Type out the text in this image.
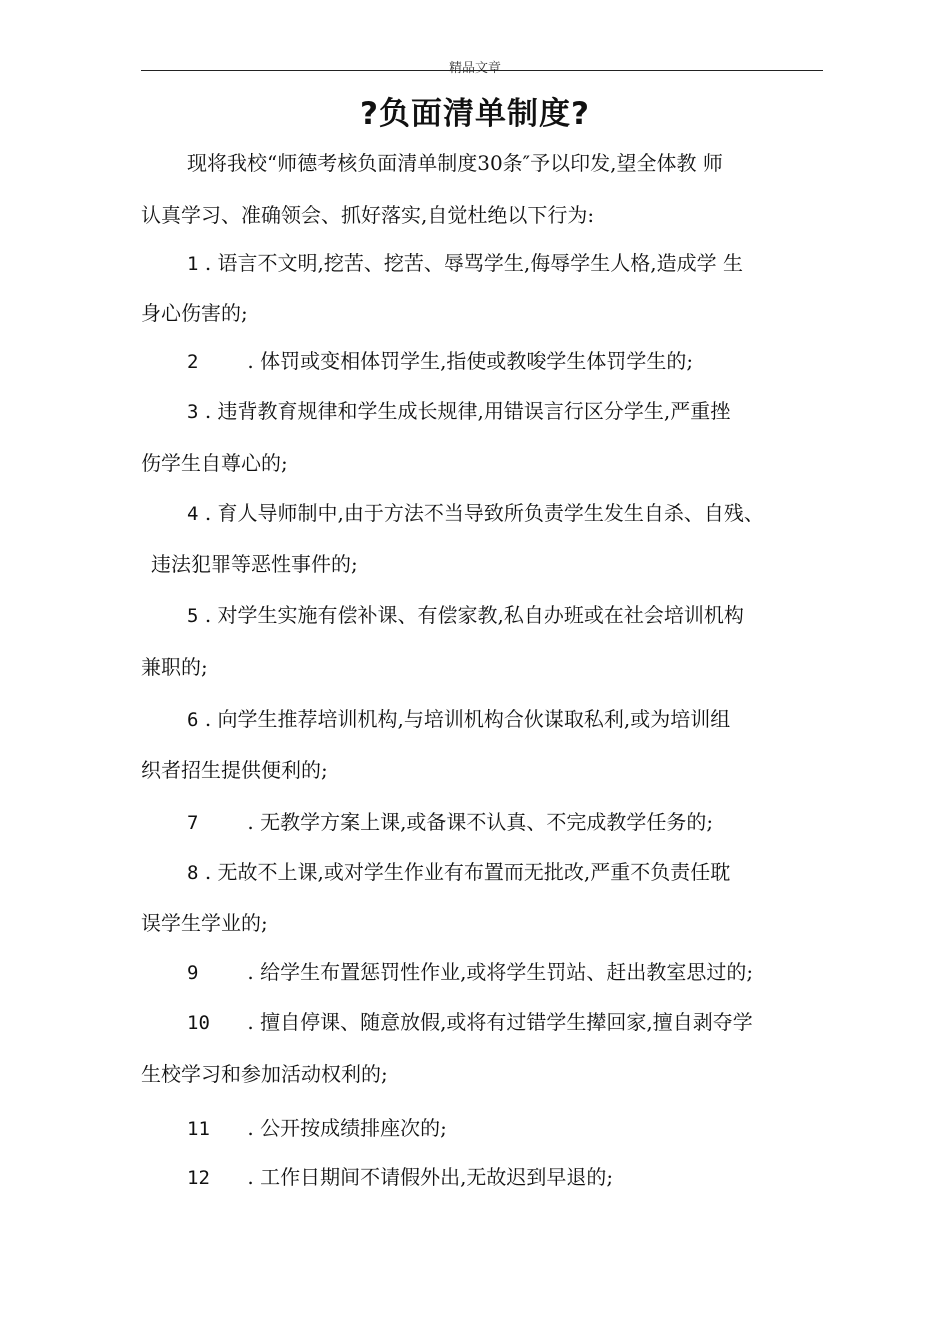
精品文章
?负面清单制度?
现将我校“师德考核负面清单制度30条″予以印发,望全体教 师
认真学习、准确领会、抓好落实,自觉杜绝以下行为:
1 . 语言不文明,挖苦、挖苦、辱骂学生,侮辱学生人格,造成学 生
身心伤害的;
2 . 体罚或变相体罚学生,指使或教唆学生体罚学生的;
3 . 违背教育规律和学生成长规律,用错误言行区分学生,严重挫
伤学生自尊心的;
4 . 育人导师制中,由于方法不当导致所负责学生发生自杀、自残、
违法犯罪等恶性事件的;
5 . 对学生实施有偿补课、有偿家教,私自办班或在社会培训机构
兼职的;
6 . 向学生推荐培训机构,与培训机构合伙谋取私利,或为培训组
织者招生提供便利的;
7 . 无教学方案上课,或备课不认真、不完成教学任务的;
8 . 无故不上课,或对学生作业有布置而无批改,严重不负责任耽
误学生学业的;
9 . 给学生布置惩罚性作业,或将学生罚站、赶出教室思过的;
10 . 擅自停课、随意放假,或将有过错学生撵回家,擅自剥夺学
生校学习和参加活动权利的;
11 . 公开按成绩排座次的;
12 . 工作日期间不请假外出,无故迟到早退的;
